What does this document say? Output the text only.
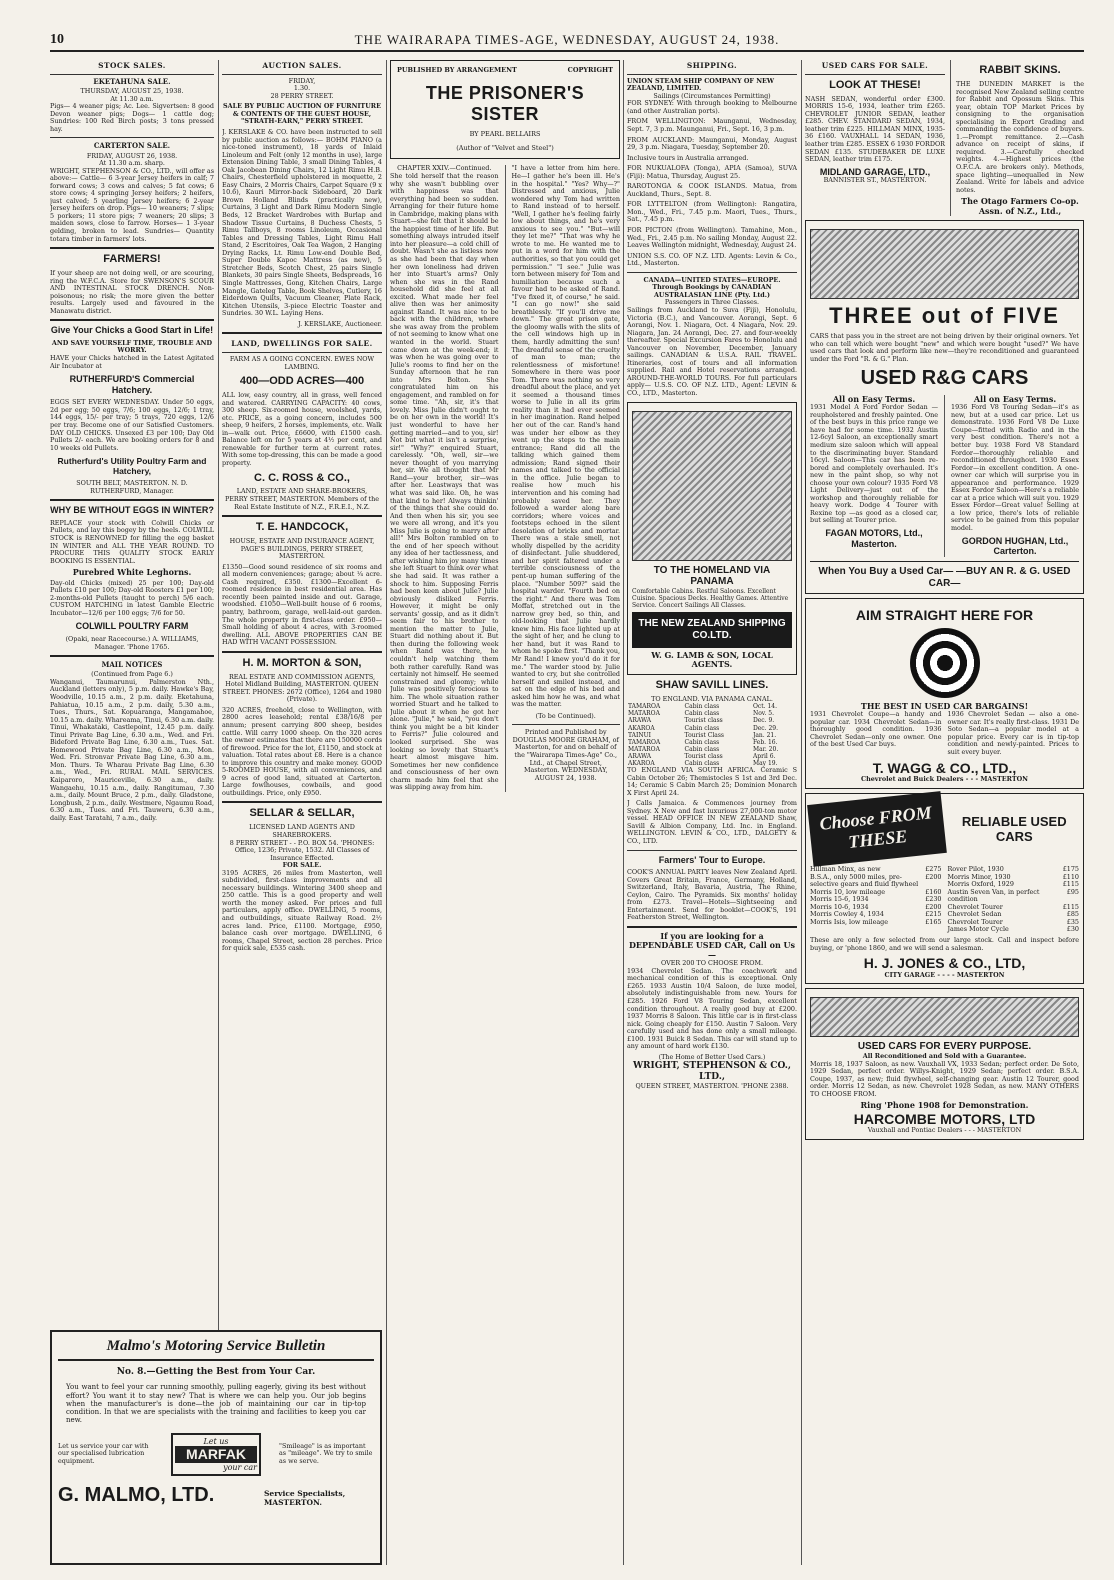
10	THE WAIRARAPA TIMES-AGE, WEDNESDAY, AUGUST 24, 1938.
STOCK SALES.
EKETAHUNA SALE.
THURSDAY, AUGUST 25, 1938.
At 11.30 a.m.
Pigs— 4 weaner pigs; Ac. Lee. Sigvertsen: 8 good Devon weaner pigs; Dogs— 1 cattle dog; Sundries: 100 Red Birch posts; 3 tons pressed hay.
CARTERTON SALE.
FRIDAY, AUGUST 26, 1938.
At 11.30 a.m. sharp.
WRIGHT, STEPHENSON & CO., LTD., will offer as above:— Cattle— 6 3-year Jersey heifers in calf; 7 forward cows; 3 cows and calves; 5 fat cows; 6 store cows; 4 springing Jersey heifers; 2 heifers, just calved; 5 yearling Jersey heifers; 6 2-year Jersey heifers on drop. Pigs— 10 weaners; 7 slips; 5 porkers; 11 store pigs; 7 weaners; 20 slips; 3 maiden sows, close to farrow. Horses— 1 3-year gelding, broken to lead. Sundries— Quantity totara timber in farmers' lots.
FARMERS!
If your sheep are not doing well, or are scouring, ring the W.F.C.A. Store for SWENSON'S SCOUR AND INTESTINAL STOCK DRENCH. Non-poisonous; no risk; the more given the better results. Largely used and favoured in the Manawatu district.
Give Your Chicks a Good Start in Life!
AND SAVE YOURSELF TIME, TROUBLE AND WORRY.
HAVE your Chicks hatched in the Latest Agitated Air Incubator at
RUTHERFURD'S Commercial Hatchery.
EGGS SET EVERY WEDNESDAY. Under 50 eggs, 2d per egg; 50 eggs, 7/6; 100 eggs, 12/6; 1 tray, 144 eggs, 15/- per tray; 5 trays, 720 eggs, 12/6 per tray. Become one of our Satisfied Customers. DAY OLD CHICKS. Unsexed £3 per 100; Day Old Pullets 2/- each. We are booking orders for 8 and 10 weeks old Pullets.
Rutherfurd's Utility Poultry Farm and Hatchery,
SOUTH BELT, MASTERTON. N. D. RUTHERFURD, Manager.
WHY BE WITHOUT EGGS IN WINTER?
REPLACE your stock with Colwill Chicks or Pullets, and lay this bogey by the heels. COLWILL STOCK is RENOWNED for filling the egg basket IN WINTER and ALL THE YEAR ROUND. TO PROCURE THIS QUALITY STOCK EARLY BOOKING IS ESSENTIAL.
Purebred White Leghorns.
Day-old Chicks (mixed) 25 per 100; Day-old Pullets £10 per 100; Day-old Roosters £1 per 100; 2-months-old Pullets (taught to perch) 5/6 each. CUSTOM HATCHING in latest Gamble Electric Incubator—12/6 per 100 eggs; 7/6 for 50.
COLWILL POULTRY FARM
(Opaki, near Racecourse.) A. WILLIAMS, Manager. 'Phone 1765.
MAIL NOTICES
(Continued from Page 6.)
Wanganui, Taumarunui, Palmerston Nth., Auckland (letters only), 5 p.m. daily. Hawke's Bay, Woodville, 10.15 a.m., 2 p.m. daily. Eketahuna, Pahiatua, 10.15 a.m., 2 p.m. daily, 5.30 a.m., Tues., Thurs., Sat. Kopuaranga, Mangamahoe, 10.15 a.m. daily. Whareama, Tinui, 6.30 a.m. daily. Tinui, Whakataki, Castlepoint, 12.45 p.m. daily. Tinui Private Bag Line, 6.30 a.m., Wed. and Fri. Bideford Private Bag Line, 6.30 a.m., Tues. Sat. Homewood Private Bag Line, 6.30 a.m., Mon. Wed. Fri. Stronvar Private Bag Line, 6.30 a.m., Mon. Thurs. Te Wharau Private Bag Line, 6.30 a.m., Wed., Fri. RURAL MAIL SERVICES. Kaiparoro, Mauriceville, 6.30 a.m., daily. Wangaehu, 10.15 a.m., daily. Rangitumau, 7.30 a.m., daily. Mount Bruce, 2 p.m., daily. Gladstone, Longbush, 2 p.m., daily. Westmere, Ngaumu Road, 6.30 a.m., Tues. and Fri. Tauweru, 6.30 a.m., daily. East Taratahi, 7 a.m., daily.
AUCTION SALES.
FRIDAY,
1.30.
28 PERRY STREET.
SALE BY PUBLIC AUCTION OF FURNITURE & CONTENTS OF THE GUEST HOUSE, "STRATH-EARN," PERRY STREET.
J. KERSLAKE & CO. have been instructed to sell by public auction as follows:— BOHM PIANO (a nice-toned instrument), 18 yards of Inlaid Linoleum and Felt (only 12 months in use), large Extension Dining Table, 3 small Dining Tables, 4 Oak Jacobean Dining Chairs, 12 Light Rimu H.B. Chairs, Chesterfield upholstered in moquette, 2 Easy Chairs, 2 Morris Chairs, Carpet Square (9 x 10.6), Kauri Mirror-back Sideboard, 20 Dark Brown Holland Blinds (practically new), Curtains, 3 Light and Dark Rimu Modern Single Beds, 12 Bracket Wardrobes with Burlap and Shadow Tissue Curtains, 8 Duchess Chests, 5 Rimu Tallboys, 8 rooms Linoleum, Occasional Tables and Dressing Tables, Light Rimu Hall Stand, 2 Escritoires, Oak Tea Wagon, 2 Hanging Drying Racks, Lt. Rimu Low-end Double Bed, Super Double Kapoc Mattress (as new), 5 Stretcher Beds, Scotch Chest, 25 pairs Single Blankets, 30 pairs Single Sheets, Bedspreads, 16 Single Mattresses, Gong, Kitchen Chairs, Large Mangle, Gateleg Table, Book Shelves, Cutlery, 16 Eiderdown Quilts, Vacuum Cleaner, Plate Rack, Kitchen Utensils, 3-piece Electric Toaster and Sundries. 30 W.L. Laying Hens.
J. KERSLAKE, Auctioneer.
LAND, DWELLINGS FOR SALE.
FARM AS A GOING CONCERN. EWES NOW LAMBING.
400—ODD ACRES—400
ALL low, easy country, all in grass, well fenced and watered. CARRYING CAPACITY: 40 cows, 300 sheep. Six-roomed house, woolshed, yards, etc. PRICE, as a going concern, includes 500 sheep, 9 heifers, 2 horses, implements, etc. Walk in—walk out. Price, £6600, with £1500 cash. Balance left on for 5 years at 4½ per cent, and renewable for further term at current rates. With some top-dressing, this can be made a good property.
C. C. ROSS & CO.,
LAND, ESTATE AND SHARE-BROKERS,
PERRY STREET, MASTERTON. Members of the Real Estate Institute of N.Z., F.R.E.I., N.Z.
T. E. HANDCOCK,
HOUSE, ESTATE AND INSURANCE AGENT,
PAGE'S BUILDINGS, PERRY STREET, MASTERTON.
£1350—Good sound residence of six rooms and all modern conveniences; garage; about ¼ acre. Cash required, £350. £1300—Excellent 6-roomed residence in best residential area. Has recently been painted inside and out. Garage, woodshed. £1050—Well-built house of 6 rooms, pantry, bathroom, garage, well-laid-out garden. The whole property in first-class order. £950—Small holding of about 4 acres, with 3-roomed dwelling. ALL ABOVE PROPERTIES CAN BE HAD WITH VACANT POSSESSION.
H. M. MORTON & SON,
REAL ESTATE AND COMMISSION AGENTS,
Hotel Midland Building, MASTERTON. QUEEN STREET. PHONES: 2672 (Office), 1264 and 1980 (Private).
320 ACRES, freehold, close to Wellington, with 2800 acres leasehold; rental £38/16/8 per annum; present carrying 800 sheep, besides cattle. Will carry 1000 sheep. On the 320 acres the owner estimates that there are 150000 cords of firewood. Price for the lot, £1150, and stock at valuation. Total rates about £8. Here is a chance to improve this country and make money. GOOD 5-ROOMED HOUSE, with all conveniences, and 9 acres of good land, situated at Carterton. Large fowlhouses, cowbails, and good outbuildings. Price, only £950.
SELLAR & SELLAR,
LICENSED LAND AGENTS AND SHAREBROKERS.
8 PERRY STREET - - P.O. BOX 54. 'PHONES: Office, 1236; Private, 1532. All Classes of Insurance Effected.
FOR SALE.
3195 ACRES, 26 miles from Masterton, well subdivided, first-class improvements and all necessary buildings. Wintering 3400 sheep and 250 cattle. This is a good property and well worth the money asked. For prices and full particulars, apply office. DWELLING, 5 rooms, and outbuildings, situate Railway Road. 2½ acres land. Price, £1100. Mortgage, £950, balance cash over mortgage. DWELLING, 6 rooms, Chapel Street, section 28 perches. Price for quick sale, £535 cash.
Malmo's Motoring Service Bulletin
No. 8.—Getting the Best from Your Car.
You want to feel your car running smoothly, pulling eagerly, giving its best without effort? You want it to stay new? That is where we can help you. Our job begins when the manufacturer's is done—the job of maintaining our car in tip-top condition. In that we are specialists with the training and facilities to keep you car new.
Let us service your car with our specialised lubrication equipment.
Let us
MARFAK
your car
"Smileage" is as important as "mileage". We try to smile as we serve.
G. MALMO, LTD.	Service Specialists, MASTERTON.
PUBLISHED BY ARRANGEMENT	COPYRIGHT
THE PRISONER'S SISTER
BY PEARL BELLAIRS
(Author of "Velvet and Steel")
CHAPTER XXIV.—Continued.
She told herself that the reason why she wasn't bubbling over with happiness was that everything had been so sudden. Arranging for their future home in Cambridge, making plans with Stuart—she felt that it should be the happiest time of her life. But something always intruded itself into her pleasure—a cold chill of doubt. Wasn't she as listless now as she had been that day when her own loneliness had driven her into Stuart's arms? Only when she was in the Rand household did she feel at all excited. What made her feel alive then was her animosity against Rand. It was nice to be back with the children, where she was away from the problem of not seeming to know what one wanted in the world. Stuart came down at the week-end; it was when he was going over to Julie's rooms to find her on the Sunday afternoon that he ran into Mrs Bolton. She congratulated him on his engagement, and rambled on for some time. "Ah, sir, it's that lovely. Miss Julie didn't ought to be on her own in the world! It's just wonderful to have her getting married—and to you, sir! Not but what it isn't a surprise, sir!" "Why?" enquired Stuart, carelessly. "Oh, well, sir—we never thought of you marrying her, sir. We all thought that Mr Rand—your brother, sir—was after her. Leastways that was what was said like. Oh, he was that kind to her! Always thinkin' of the things that she could do. And then when his sir, you see we were all wrong, and it's you Miss Julie is going to marry after all!" Mrs Bolton rambled on to the end of her speech without any idea of her tactlessness, and after wishing him joy many times she left Stuart to think over what she had said. It was rather a shock to him. Supposing Ferris had been keen about Julie? Julie obviously disliked Ferris. However, it might be only servants' gossip, and as it didn't seem fair to his brother to mention the matter to Julie, Stuart did nothing about it. But then during the following week when Rand was there, he couldn't help watching them both rather carefully. Rand was certainly not himself. He seemed constrained and gloomy; while Julie was positively ferocious to him. The whole situation rather worried Stuart and he talked to Julie about it when he got her alone. "Julie," he said, "you don't think you might be a bit kinder to Ferris?" Julie coloured and looked surprised. She was looking so lovely that Stuart's heart almost misgave him. Sometimes her new confidence and consciousness of her own charm made him feel that she was slipping away from him.
"I have a letter from him here. He—I gather he's been ill. He's in the hospital." "Yes? Why—?" Distressed and anxious, Julie wondered why Tom had written to Rand instead of to herself. "Well, I gather he's feeling fairly low about things, and he's very anxious to see you." "But—will they let me?" "That was why he wrote to me. He wanted me to put in a word for him with the authorities, so that you could get permission." "I see." Julie was torn between misery for Tom and humiliation because such a favour had to be asked of Rand. "I've fixed it, of course," he said. "I can go now!" she said breathlessly. "If you'll drive me down." The great prison gate, the gloomy walls with the slits of the cell windows high up in them, hardly admitting the sun! The dreadful sense of the cruelty of man to man; the relentlessness of misfortune! Somewhere in there was poor Tom. There was nothing so very dreadful about the place, and yet it seemed a thousand times worse to Julie in all its grim reality than it had ever seemed in her imagination. Rand helped her out of the car. Rand's hand was under her elbow as they went up the steps to the main entrance; Rand did all the talking which gained them admission; Rand signed their names and talked to the official in the office. Julie began to realise how much his intervention and his coming had probably saved her. They followed a warder along bare corridors; where voices and footsteps echoed in the silent desolation of bricks and mortar. There was a stale smell, not wholly dispelled by the acridity of disinfectant. Julie shuddered, and her spirit faltered under a terrible consciousness of the pent-up human suffering of the place. "Number 509?" said the hospital warder. "Fourth bed on the right." And there was Tom Moffat, stretched out in the narrow grey bed, so thin, and old-looking that Julie hardly knew him. His face lighted up at the sight of her, and he clung to her hand, but it was Rand to whom he spoke first. "Thank you, Mr Rand! I knew you'd do it for me." The warder stood by. Julie wanted to cry, but she controlled herself and smiled instead, and sat on the edge of his bed and asked him how he was, and what was the matter.
(To be Continued).
Printed and Published by DOUGLAS MOORE GRAHAM, of Masterton, for and on behalf of the "Wairarapa Times-Age" Co., Ltd., at Chapel Street, Masterton. WEDNESDAY, AUGUST 24, 1938.
SHIPPING.
UNION STEAM SHIP COMPANY OF NEW ZEALAND, LIMITED.
Sailings (Circumstances Permitting)
FOR SYDNEY: With through booking to Melbourne (and other Australian ports).
FROM WELLINGTON: Maunganui, Wednesday, Sept. 7, 3 p.m. Maunganui, Fri., Sept. 16, 3 p.m.
FROM AUCKLAND: Maunganui, Monday, August 29, 3 p.m. Niagara, Tuesday, September 20.
Inclusive tours in Australia arranged.
FOR NUKUALOFA (Tonga), APIA (Samoa), SUVA (Fiji): Matua, Thursday, August 25.
RAROTONGA & COOK ISLANDS. Matua, from Auckland, Thurs., Sept. 8.
FOR LYTTELTON (from Wellington): Rangatira, Mon., Wed., Fri., 7.45 p.m. Maori, Tues., Thurs., Sat., 7.45 p.m.
FOR PICTON (from Wellington). Tamahine, Mon., Wed., Fri., 2.45 p.m. No sailing Monday, August 22. Leaves Wellington midnight, Wednesday, August 24.
UNION S.S. CO. OF N.Z. LTD. Agents: Levin & Co., Ltd., Masterton.
CANADA—UNITED STATES—EUROPE. Through Bookings by CANADIAN AUSTRALASIAN LINE (Pty. Ltd.)
Passengers in Three Classes.
Sailings from Auckland to Suva (Fiji), Honolulu, Victoria (B.C.), and Vancouver. Aorangi, Sept. 6 Aorangi, Nov. 1. Niagara, Oct. 4 Niagara, Nov. 29. Niagara, Jan. 24 Aorangi, Dec. 27. and four-weekly thereafter. Special Excursion Fares to Honolulu and Vancouver on November, December, January sailings. CANADIAN & U.S.A. RAIL TRAVEL. Itineraries, cost of tours and all information supplied. Rail and Hotel reservations arranged. AROUND-THE-WORLD TOURS. For full particulars apply— U.S.S. CO. OF N.Z. LTD., Agent: LEVIN & CO., LTD., Masterton.
TO THE HOMELAND VIA PANAMA
Comfortable Cabins. Restful Saloons. Excellent Cuisine. Spacious Decks. Healthy Games. Attentive Service. Concert Sailings All Classes.
THE NEW ZEALAND SHIPPING CO.LTD.
W. G. LAMB & SON, LOCAL AGENTS.
SHAW SAVILL LINES.
TO ENGLAND. VIA PANAMA CANAL.
TAMAROA	Cabin class	Oct. 14.
MATAROA	Cabin class	Nov. 5.
ARAWA	Tourist class	Dec. 9.
AKAROA	Cabin class	Dec. 29.
TAINUI	Tourist Class	Jan. 21.
TAMAROA	Cabin class	Feb. 16.
MATAROA	Cabin class	Mar. 20.
ARAWA	Tourist class	April 6.
AKAROA	Cabin class	May 19.
TO ENGLAND VIA SOUTH AFRICA. Ceramic S Cabin October 26; Themistocles S 1st and 3rd Dec. 14; Ceramic S Cabin March 25; Dominion Monarch X First April 24.
J Calls Jamaica. & Commences journey from Sydney. X New and fast luxurious 27,000-ton motor vessel. HEAD OFFICE IN NEW ZEALAND Shaw, Savill & Albion Company, Ltd. Inc. in England. WELLINGTON. LEVIN & CO., LTD., DALGETY & CO., LTD.
Farmers' Tour to Europe.
COOK'S ANNUAL PARTY leaves New Zealand April. Covers Great Britain, France, Germany, Holland, Switzerland, Italy, Bavaria, Austria, The Rhine, Ceylon, Cairo. The Pyramids. Six months' holiday from £273. Travel—Hotels—Sightseeing and Entertainment. Send for booklet—COOK'S, 191 Featherston Street, Wellington.
If you are looking for a DEPENDABLE USED CAR, Call on Us—
OVER 200 TO CHOOSE FROM.
1934 Chevrolet Sedan. The coachwork and mechanical condition of this is exceptional. Only £265. 1933 Austin 10/4 Saloon, de luxe model, absolutely indistinguishable from new. Yours for £285. 1926 Ford V8 Touring Sedan, excellent condition throughout. A really good buy at £200. 1937 Morris 8 Saloon. This little car is in first-class nick. Going cheaply for £150. Austin 7 Saloon. Very carefully used and has done only a small mileage. £100. 1931 Buick 8 Sedan. This car will stand up to any amount of hard work £130.
(The Home of Better Used Cars.)
WRIGHT, STEPHENSON & CO., LTD.,
QUEEN STREET, MASTERTON. 'PHONE 2388.
USED CARS FOR SALE.
LOOK AT THESE!
NASH SEDAN, wonderful order £300. MORRIS 15-6, 1934, leather trim £265. CHEVROLET JUNIOR SEDAN, leather £285. CHEV. STANDARD SEDAN, 1934, leather trim £225. HILLMAN MINX, 1935-36 £160. VAUXHALL 14 SEDAN, 1936, leather trim £285. ESSEX 6 1930 FORDOR SEDAN £135. STUDEBAKER DE LUXE SEDAN, leather trim £175.
MIDLAND GARAGE, LTD.,
BANNISTER ST., MASTERTON.
RABBIT SKINS.
THE DUNEDIN MARKET is the recognised New Zealand selling centre for Rabbit and Opossum Skins. This year, obtain TOP Market Prices by consigning to the organisation specialising in Export Grading and commanding the confidence of buyers. 1.—Prompt remittance. 2.—Cash advance on receipt of skins, if required. 3.—Carefully checked weights. 4.—Highest prices (the O.F.C.A. are brokers only). Methods, space lighting—unequalled in New Zealand. Write for labels and advice notes.
The Otago Farmers Co-op. Assn. of N.Z., Ltd.,
THREE out of FIVE
CARS that pass you in the street are not being driven by their original owners. Yet who can tell which were bought "new" and which were bought "used?" We have used cars that look and perform like new—they're reconditioned and guaranteed under the Ford "R. & G." Plan.
USED R&G CARS
All on Easy Terms.
1931 Model A Ford Fordor Sedan —reupholstered and freshly painted. One of the best buys in this price range we have had for some time. 1932 Austin 12-6cyl Saloon, an exceptionally smart medium size saloon which will appeal to the discriminating buyer. Standard 16cyl. Saloon—This car has been re-bored and completely overhauled. It's new in the paint shop, so why not choose your own colour? 1935 Ford V8 Light Delivery—just out of the workshop and thoroughly reliable for heavy work. Dodge 4 Tourer with Rexine top —as good as a closed car, but selling at Tourer price.
FAGAN MOTORS, Ltd., Masterton.
All on Easy Terms.
1936 Ford V8 Touring Sedan—it's as new, but at a used car price. Let us demonstrate. 1936 Ford V8 De Luxe Coupe—fitted with Radio and in the very best condition. There's not a better buy. 1938 Ford V8 Standard Fordor—thoroughly reliable and reconditioned throughout. 1930 Essex Fordor—in excellent condition. A one-owner car which will surprise you in appearance and performance. 1929 Essex Fordor Saloon—Here's a reliable car at a price which will suit you. 1929 Essex Fordor—Great value! Selling at a low price, there's lots of reliable service to be gained from this popular model.
GORDON HUGHAN, Ltd., Carterton.
When You Buy a Used Car— —BUY AN R. & G. USED CAR—
AIM STRAIGHT HERE FOR
THE BEST IN USED CAR BARGAINS!
1931 Chevrolet Coupe—a handy and popular car. 1934 Chevrolet Sedan—in thoroughly good condition. 1936 Chevrolet Sedan—only one owner. One of the best Used Car buys.
1936 Chevrolet Sedan — also a one-owner car. It's really first-class. 1931 De Soto Sedan—a popular model at a popular price. Every car is in tip-top condition and newly-painted. Prices to suit every buyer.
T. WAGG & CO., LTD.,
Chevrolet and Buick Dealers - - - MASTERTON
Choose FROM THESE
RELIABLE USED CARS
Hillman Minx, as new	£275
B.S.A., only 5000 miles, pre-selective gears and fluid flywheel
£200
Morris 10, low mileage	£160
Morris 15-6, 1934	£230
Morris 10-6, 1934	£200
Morris Cowley 4, 1934	£215
Morris Isis, low mileage	£165
Rover Pilot, 1930	£175
Morris Minor, 1930	£110
Morris Oxford, 1929	£115
Austin Seven Van, in perfect condition
£95
Chevrolet Tourer	£115
Chevrolet Sedan	£85
Chevrolet Tourer	£35
James Motor Cycle	£30
These are only a few selected from our large stock. Call and inspect before buying, or 'phone 1860, and we will send a salesman.
H. J. JONES & CO., LTD,
CITY GARAGE - - - - MASTERTON
USED CARS FOR EVERY PURPOSE.
All Reconditioned and Sold with a Guarantee.
Morris 18, 1937 Saloon, as new. Vauxhall VX, 1933 Sedan; perfect order. De Soto, 1929 Sedan, perfect order. Willys-Knight, 1929 Sedan; perfect order. B.S.A. Coupe, 1937, as new; fluid flywheel, self-changing gear. Austin 12 Tourer, good order. Morris 12 Sedan, as new. Chevrolet 1928 Sedan, as new. MANY OTHERS TO CHOOSE FROM.
Ring 'Phone 1908 for Demonstration.
HARCOMBE MOTORS, LTD
Vauxhall and Pontiac Dealers - - - MASTERTON
